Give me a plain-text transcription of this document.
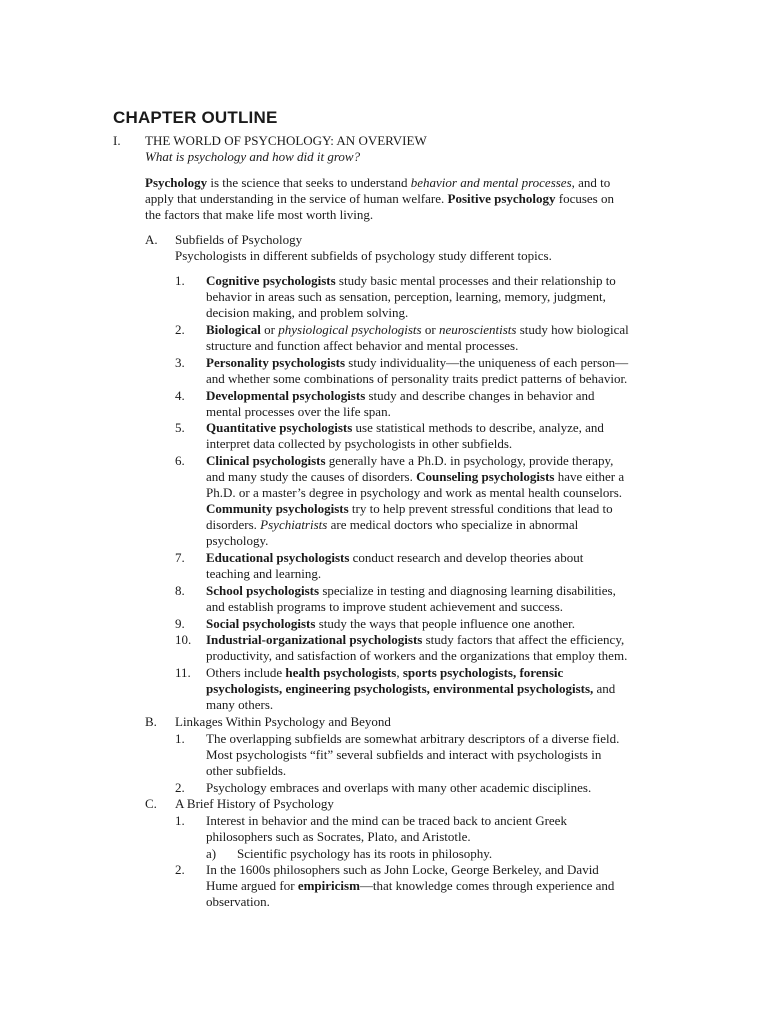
CHAPTER OUTLINE
I. THE WORLD OF PSYCHOLOGY: AN OVERVIEW
What is psychology and how did it grow?
Psychology is the science that seeks to understand behavior and mental processes, and to
apply that understanding in the service of human welfare. Positive psychology focuses on
the factors that make life most worth living.
A. Subfields of Psychology
Psychologists in different subfields of psychology study different topics.
1. Cognitive psychologists study basic mental processes and their relationship to
behavior in areas such as sensation, perception, learning, memory, judgment,
decision making, and problem solving.
2. Biological or physiological psychologists or neuroscientists study how biological
structure and function affect behavior and mental processes.
3. Personality psychologists study individuality—the uniqueness of each person—
and whether some combinations of personality traits predict patterns of behavior.
4. Developmental psychologists study and describe changes in behavior and
mental processes over the life span.
5. Quantitative psychologists use statistical methods to describe, analyze, and
interpret data collected by psychologists in other subfields.
6. Clinical psychologists generally have a Ph.D. in psychology, provide therapy,
and many study the causes of disorders. Counseling psychologists have either a
Ph.D. or a master’s degree in psychology and work as mental health counselors.
Community psychologists try to help prevent stressful conditions that lead to
disorders. Psychiatrists are medical doctors who specialize in abnormal
psychology.
7. Educational psychologists conduct research and develop theories about
teaching and learning.
8. School psychologists specialize in testing and diagnosing learning disabilities,
and establish programs to improve student achievement and success.
9. Social psychologists study the ways that people influence one another.
10. Industrial-organizational psychologists study factors that affect the efficiency,
productivity, and satisfaction of workers and the organizations that employ them.
11. Others include health psychologists, sports psychologists, forensic
psychologists, engineering psychologists, environmental psychologists, and
many others.
B. Linkages Within Psychology and Beyond
1. The overlapping subfields are somewhat arbitrary descriptors of a diverse field.
Most psychologists “fit” several subfields and interact with psychologists in
other subfields.
2. Psychology embraces and overlaps with many other academic disciplines.
C. A Brief History of Psychology
1. Interest in behavior and the mind can be traced back to ancient Greek
philosophers such as Socrates, Plato, and Aristotle.
a) Scientific psychology has its roots in philosophy.
2. In the 1600s philosophers such as John Locke, George Berkeley, and David
Hume argued for empiricism—that knowledge comes through experience and
observation.
